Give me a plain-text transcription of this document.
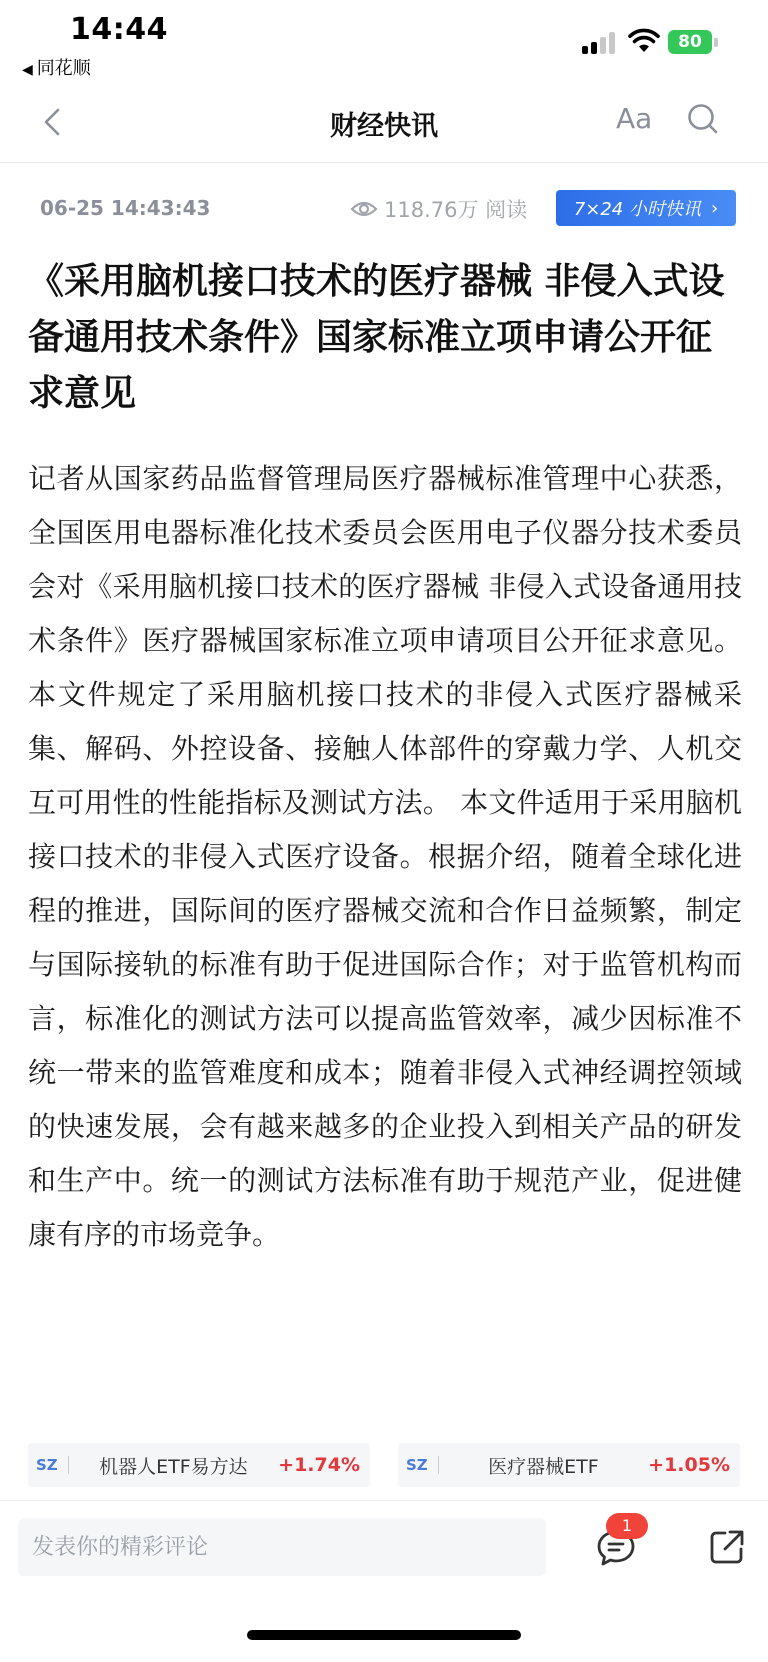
14:44
◀ 同花顺
80
财经快讯	Aa
06-25 14:43:43	118.76万 阅读	7×24 小时快讯 ›
《采用脑机接口技术的医疗器械 非侵入式设备通用技术条件》国家标准立项申请公开征求意见
记者从国家药品监督管理局医疗器械标准管理中心获悉，全国医用电器标准化技术委员会医用电子仪器分技术委员会对《采用脑机接口技术的医疗器械 非侵入式设备通用技术条件》医疗器械国家标准立项申请项目公开征求意见。本文件规定了采用脑机接口技术的非侵入式医疗器械采集、解码、外控设备、接触人体部件的穿戴力学、人机交互可用性的性能指标及测试方法。 本文件适用于采用脑机接口技术的非侵入式医疗设备。根据介绍，随着全球化进程的推进，国际间的医疗器械交流和合作日益频繁，制定与国际接轨的标准有助于促进国际合作；对于监管机构而言，标准化的测试方法可以提高监管效率，减少因标准不统一带来的监管难度和成本；随着非侵入式神经调控领域的快速发展，会有越来越多的企业投入到相关产品的研发和生产中。统一的测试方法标准有助于规范产业，促进健康有序的市场竞争。
SZ	机器人ETF易方达	+1.74%	SZ	医疗器械ETF	+1.05%
发表你的精彩评论
1
